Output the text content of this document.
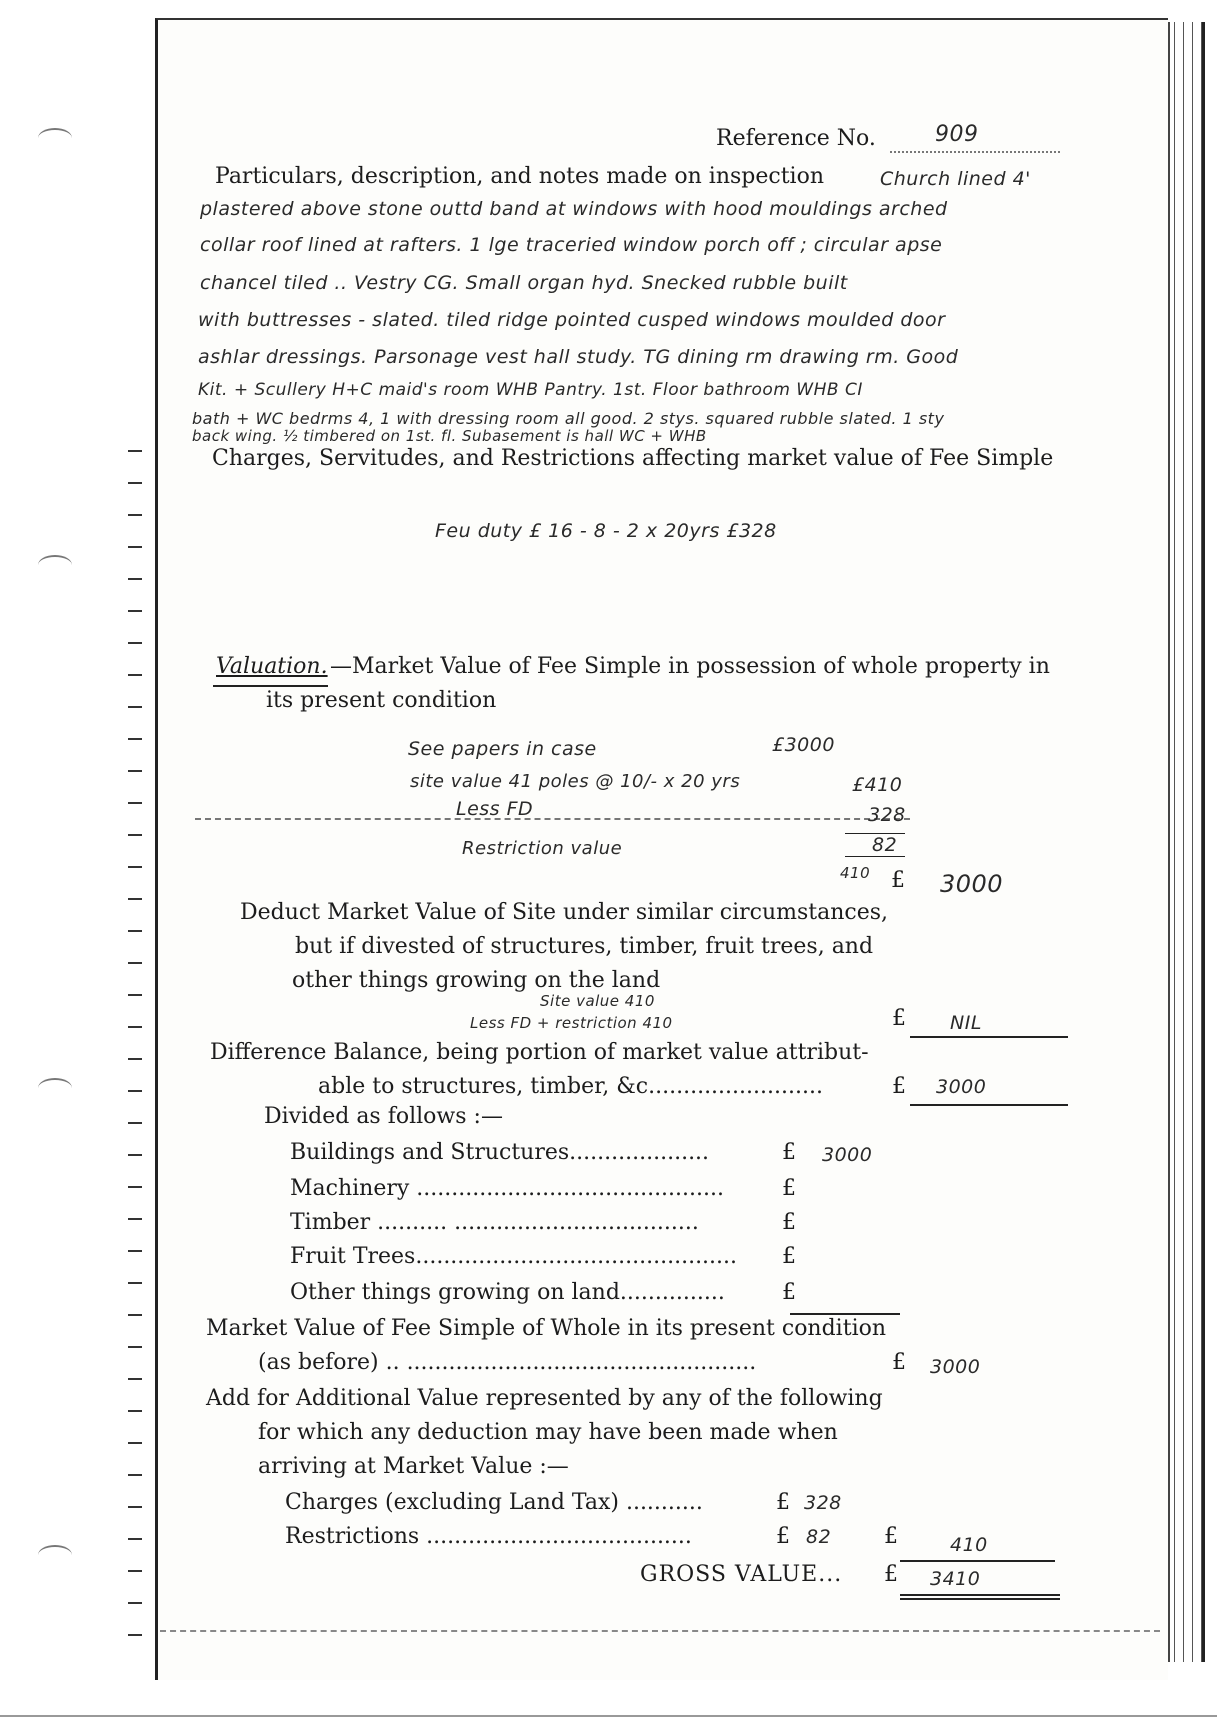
Reference No.	909
Particulars, description, and notes made on inspection	Church lined 4'
plastered above stone outtd band at windows with hood mouldings arched
collar roof lined at rafters. 1 lge traceried window porch off ; circular apse
chancel tiled .. Vestry CG. Small organ hyd. Snecked rubble built
with buttresses - slated. tiled ridge pointed cusped windows moulded door
ashlar dressings. Parsonage vest hall study. TG dining rm drawing rm. Good
Kit. + Scullery H+C maid's room WHB Pantry. 1st. Floor bathroom WHB CI
bath + WC bedrms 4, 1 with dressing room all good. 2 stys. squared rubble slated. 1 sty
back wing. ½ timbered on 1st. fl. Subasement is hall WC + WHB
Charges, Servitudes, and Restrictions affecting market value of Fee Simple
Feu duty £ 16 - 8 - 2 x 20yrs £328
Valuation. —Market Value of Fee Simple in possession of whole property in
its present condition
See papers in case	£3000
site value 41 poles @ 10/- x 20 yrs	£410
Less FD	328
Restriction value	82
410 £ 3000
Deduct Market Value of Site under similar circumstances,
but if divested of structures, timber, fruit trees, and
other things growing on the land
Site value 410
Less FD + restriction 410	£ NIL
Difference Balance, being portion of market value attribut-
able to structures, timber, &c.........................	£ 3000
Divided as follows :—
Buildings and Structures....................	£ 3000
Machinery ............................................	£
Timber .......... ...................................	£
Fruit Trees.............................................. £
Other things growing on land...............	£
Market Value of Fee Simple of Whole in its present condition
(as before) .. ..................................................	£ 3000
Add for Additional Value represented by any of the following
for which any deduction may have been made when
arriving at Market Value :—
Charges (excluding Land Tax) ...........	£ 328
Restrictions ......................................	£ 82 £	410
GROSS VALUE... £ 3410
